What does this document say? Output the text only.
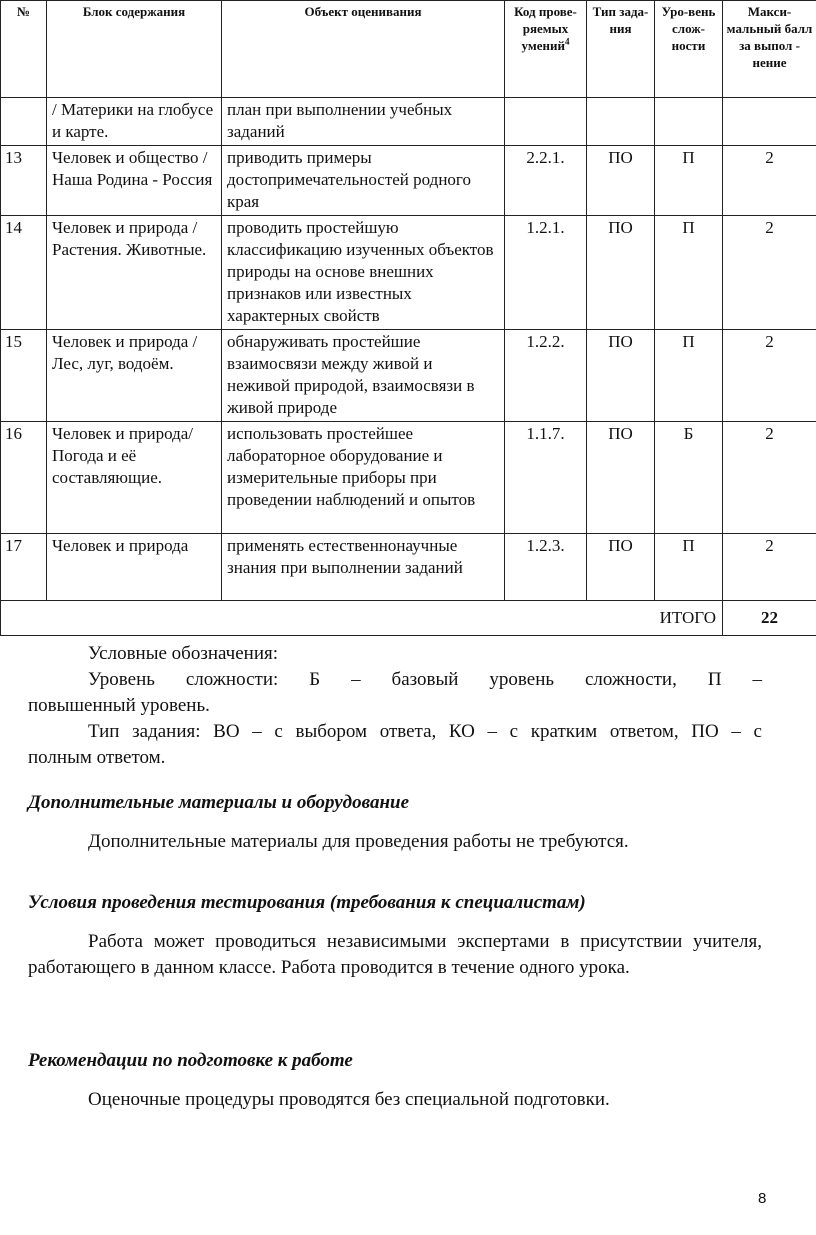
№	Блок содержания	Объект оценивания	Код прове-ряемых умений$^4$	Тип зада-ния	Уро-вень слож-ности	Макси-мальный балл за выпол - нение
	/ Материки на глобусе и карте.	план при выполнении учебных заданий				
13	Человек и общество / Наша Родина - Россия	приводить примеры достопримечательностей родного края	2.2.1.	ПО	П	2
14	Человек и природа / Растения. Животные.	проводить простейшую классификацию изученных объектов природы на основе внешних признаков или известных характерных свойств	1.2.1.	ПО	П	2
15	Человек и природа / Лес, луг, водоём.	обнаруживать простейшие взаимосвязи между живой и неживой природой, взаимосвязи в живой природе	1.2.2.	ПО	П	2
16	Человек и природа/ Погода и её составляющие.	использовать простейшее лабораторное оборудование и измерительные приборы при проведении наблюдений и опытов	1.1.7.	ПО	Б	2
17	Человек и природа	применять естественнонаучные знания при выполнении заданий	1.2.3.	ПО	П	2
ИТОГО						22

Условные обозначения:

Уровень сложности: Б – базовый уровень сложности, П –

повышенный уровень.

Тип задания: ВО – с выбором ответа, КО – с кратким ответом, ПО – с

полным ответом.

Дополнительные материалы и оборудование

Дополнительные материалы для проведения работы не требуются.

Условия проведения тестирования (требования к специалистам)

Работа может проводиться независимыми экспертами в присутствии учителя, работающего в данном классе. Работа проводится в течение одного урока.

Рекомендации по подготовке к работе

Оценочные процедуры проводятся без специальной подготовки.

8
